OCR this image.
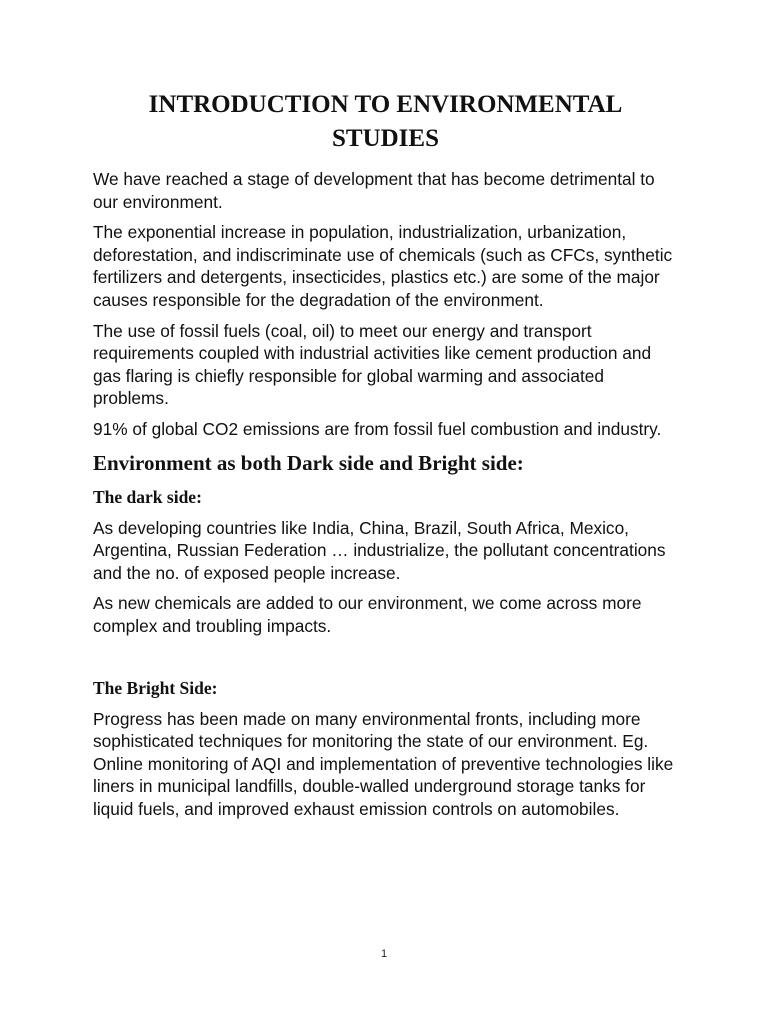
INTRODUCTION TO ENVIRONMENTAL STUDIES

We have reached a stage of development that has become detrimental to our environment.

The exponential increase in population, industrialization, urbanization, deforestation, and indiscriminate use of chemicals (such as CFCs, synthetic fertilizers and detergents, insecticides, plastics etc.) are some of the major causes responsible for the degradation of the environment.

The use of fossil fuels (coal, oil) to meet our energy and transport requirements coupled with industrial activities like cement production and gas flaring is chiefly responsible for global warming and associated problems.

91% of global CO2 emissions are from fossil fuel combustion and industry.

Environment as both Dark side and Bright side:
The dark side:

As developing countries like India, China, Brazil, South Africa, Mexico, Argentina, Russian Federation … industrialize, the pollutant concentrations and the no. of exposed people increase.

As new chemicals are added to our environment, we come across more complex and troubling impacts.

The Bright Side:

Progress has been made on many environmental fronts, including more sophisticated techniques for monitoring the state of our environment. Eg. Online monitoring of AQI and implementation of preventive technologies like liners in municipal landfills, double-walled underground storage tanks for liquid fuels, and improved exhaust emission controls on automobiles.

1
